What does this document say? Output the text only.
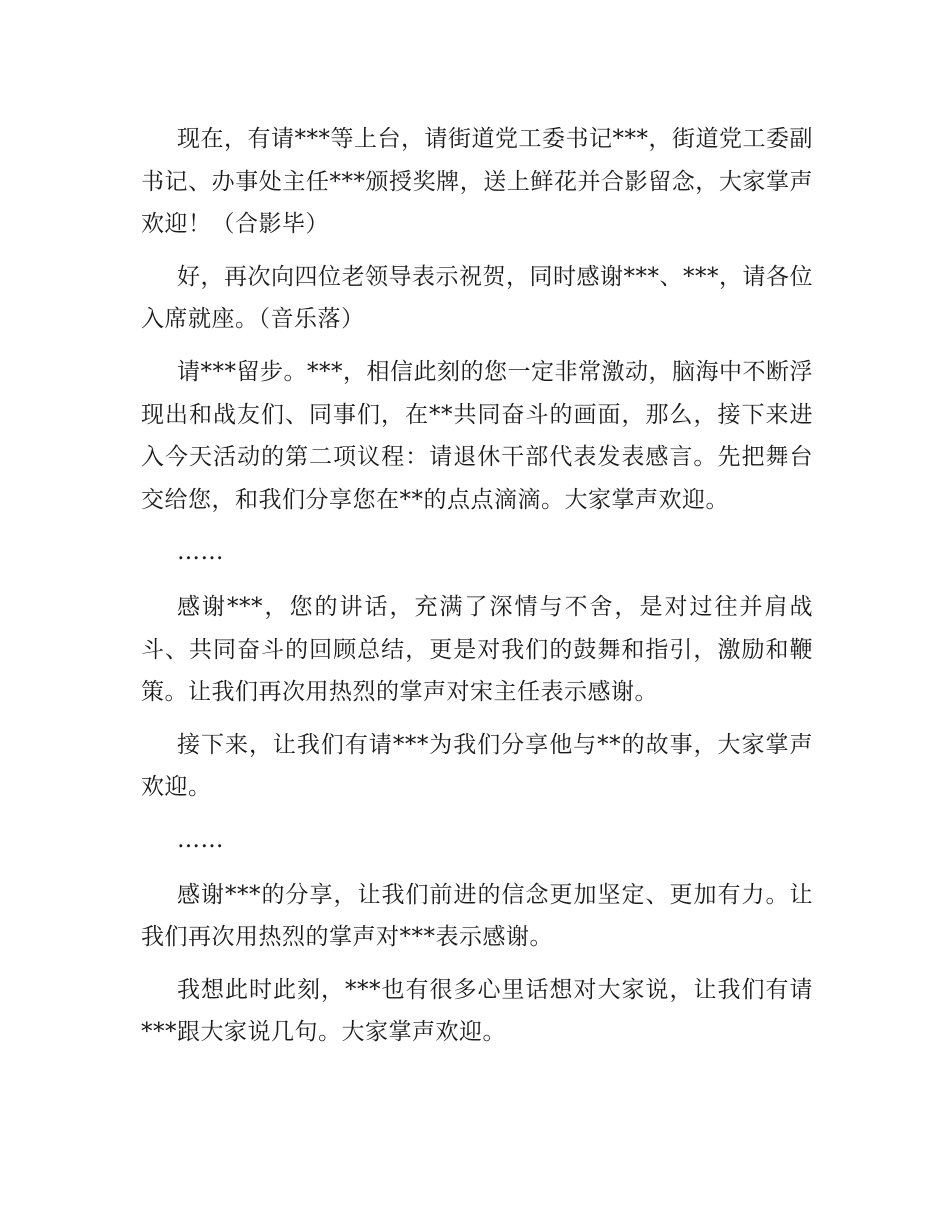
现在，有请***等上台，请街道党工委书记***，街道党工委副书记、办事处主任***颁授奖牌，送上鲜花并合影留念，大家掌声欢迎！（合影毕）

好，再次向四位老领导表示祝贺，同时感谢***、***，请各位入席就座。（音乐落）

请***留步。***，相信此刻的您一定非常激动，脑海中不断浮现出和战友们、同事们，在**共同奋斗的画面，那么，接下来进入今天活动的第二项议程：请退休干部代表发表感言。先把舞台交给您，和我们分享您在**的点点滴滴。大家掌声欢迎。

……

感谢***，您的讲话，充满了深情与不舍，是对过往并肩战斗、共同奋斗的回顾总结，更是对我们的鼓舞和指引，激励和鞭策。让我们再次用热烈的掌声对宋主任表示感谢。

接下来，让我们有请***为我们分享他与**的故事，大家掌声欢迎。

……

感谢***的分享，让我们前进的信念更加坚定、更加有力。让我们再次用热烈的掌声对***表示感谢。

我想此时此刻，***也有很多心里话想对大家说，让我们有请***跟大家说几句。大家掌声欢迎。
